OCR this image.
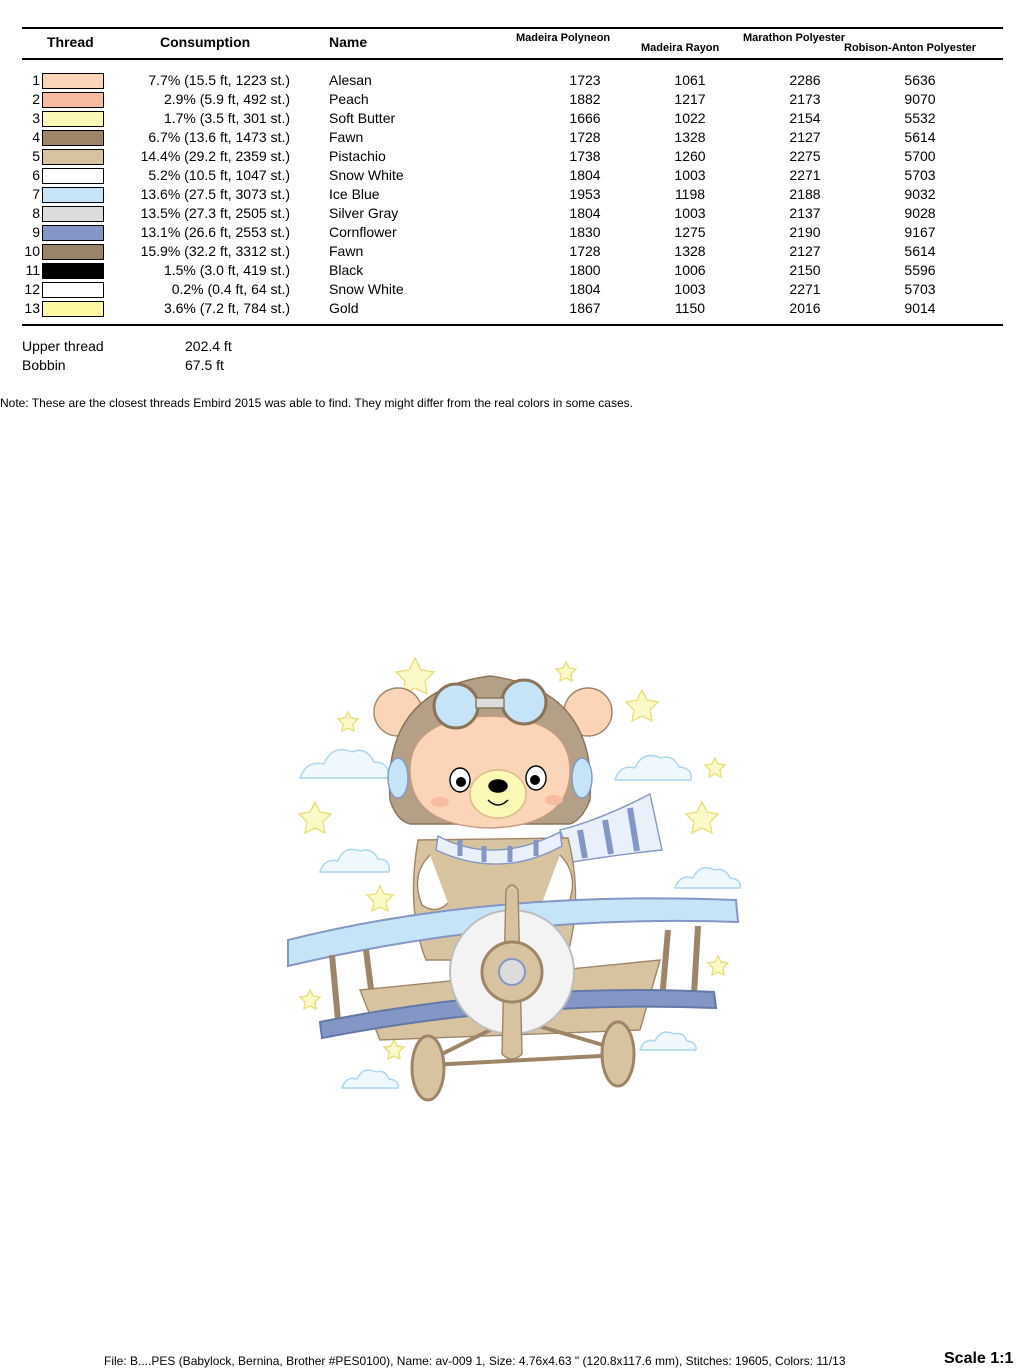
Thread	Consumption	Name	Madeira Polyneon
Madeira Rayon
Marathon Polyester
Robison-Anton Polyester
1	7.7% (15.5 ft, 1223 st.)	Alesan	1723	1061	2286	5636
2	2.9% (5.9 ft, 492 st.)	Peach	1882	1217	2173	9070
3	1.7% (3.5 ft, 301 st.)	Soft Butter	1666	1022	2154	5532
4	6.7% (13.6 ft, 1473 st.)	Fawn	1728	1328	2127	5614
5	14.4% (29.2 ft, 2359 st.)	Pistachio	1738	1260	2275	5700
6	5.2% (10.5 ft, 1047 st.)	Snow White	1804	1003	2271	5703
7	13.6% (27.5 ft, 3073 st.)	Ice Blue	1953	1198	2188	9032
8	13.5% (27.3 ft, 2505 st.)	Silver Gray	1804	1003	2137	9028
9	13.1% (26.6 ft, 2553 st.)	Cornflower	1830	1275	2190	9167
10	15.9% (32.2 ft, 3312 st.)	Fawn	1728	1328	2127	5614
11	1.5% (3.0 ft, 419 st.)	Black	1800	1006	2150	5596
12	0.2% (0.4 ft, 64 st.)	Snow White	1804	1003	2271	5703
13	3.6% (7.2 ft, 784 st.)	Gold	1867	1150	2016	9014
Upper thread	202.4 ft
Bobbin	67.5 ft
Note: These are the closest threads Embird 2015 was able to find. They might differ from the real colors in some cases.
File: B....PES (Babylock, Bernina, Brother #PES0100), Name: av-009 1, Size: 4.76x4.63 " (120.8x117.6 mm), Stitches: 19605, Colors: 11/13	Scale 1:1
